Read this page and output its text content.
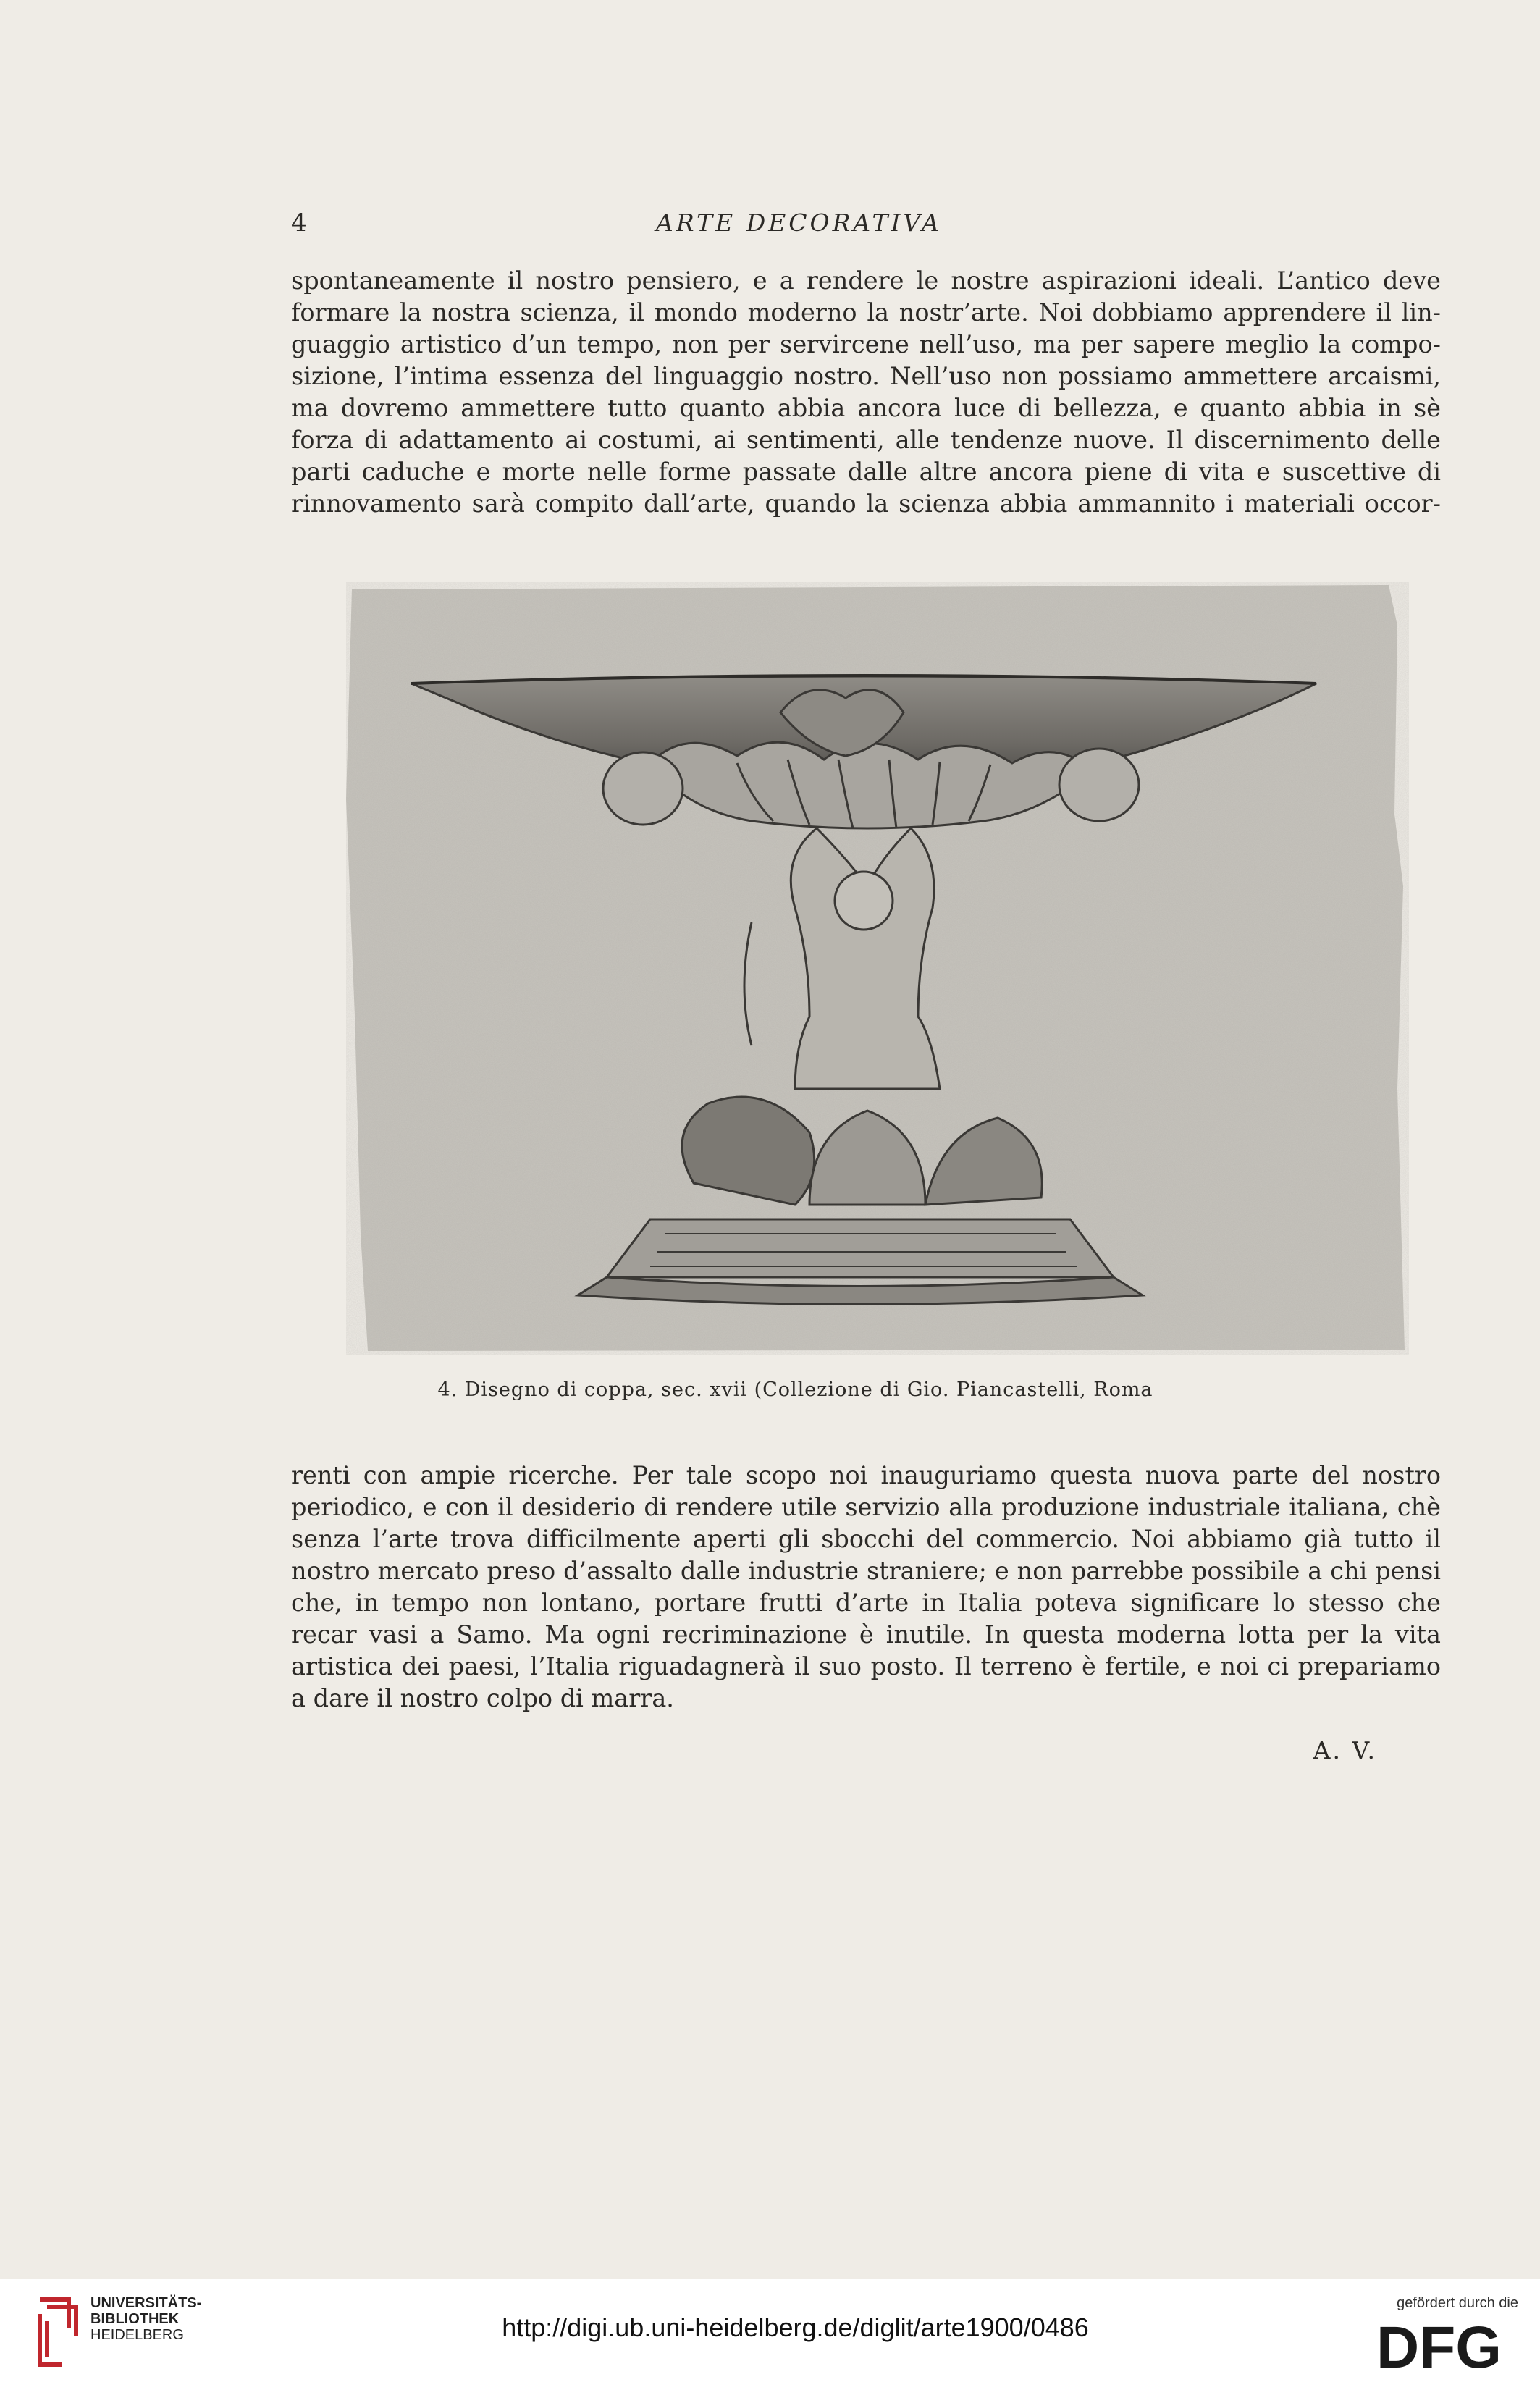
4	ARTE DECORATIVA

spontaneamente il nostro pensiero, e a rendere le nostre aspirazioni ideali. L’antico deve
formare la nostra scienza, il mondo moderno la nostr’arte. Noi dobbiamo apprendere il lin-
guaggio artistico d’un tempo, non per servircene nell’uso, ma per sapere meglio la compo-
sizione, l’intima essenza del linguaggio nostro. Nell’uso non possiamo ammettere arcaismi,
ma dovremo ammettere tutto quanto abbia ancora luce di bellezza, e quanto abbia in sè
forza di adattamento ai costumi, ai sentimenti, alle tendenze nuove. Il discernimento delle
parti caduche e morte nelle forme passate dalle altre ancora piene di vita e suscettive di
rinnovamento sarà compito dall’arte, quando la scienza abbia ammannito i materiali occor-

4. Disegno di coppa, sec. xvii (Collezione di Gio. Piancastelli, Roma

renti con ampie ricerche. Per tale scopo noi inauguriamo questa nuova parte del nostro
periodico, e con il desiderio di rendere utile servizio alla produzione industriale italiana, chè
senza l’arte trova difficilmente aperti gli sbocchi del commercio. Noi abbiamo già tutto il
nostro mercato preso d’assalto dalle industrie straniere; e non parrebbe possibile a chi pensi
che, in tempo non lontano, portare frutti d’arte in Italia poteva significare lo stesso che
recar vasi a Samo. Ma ogni recriminazione è inutile. In questa moderna lotta per la vita
artistica dei paesi, l’Italia riguadagnerà il suo posto. Il terreno è fertile, e noi ci prepariamo
a dare il nostro colpo di marra.

A. V.
UNIVERSITÄTS-
BIBLIOTHEK
HEIDELBERG	http://digi.ub.uni-heidelberg.de/diglit/arte1900/0486
gefördert durch die
DFG
